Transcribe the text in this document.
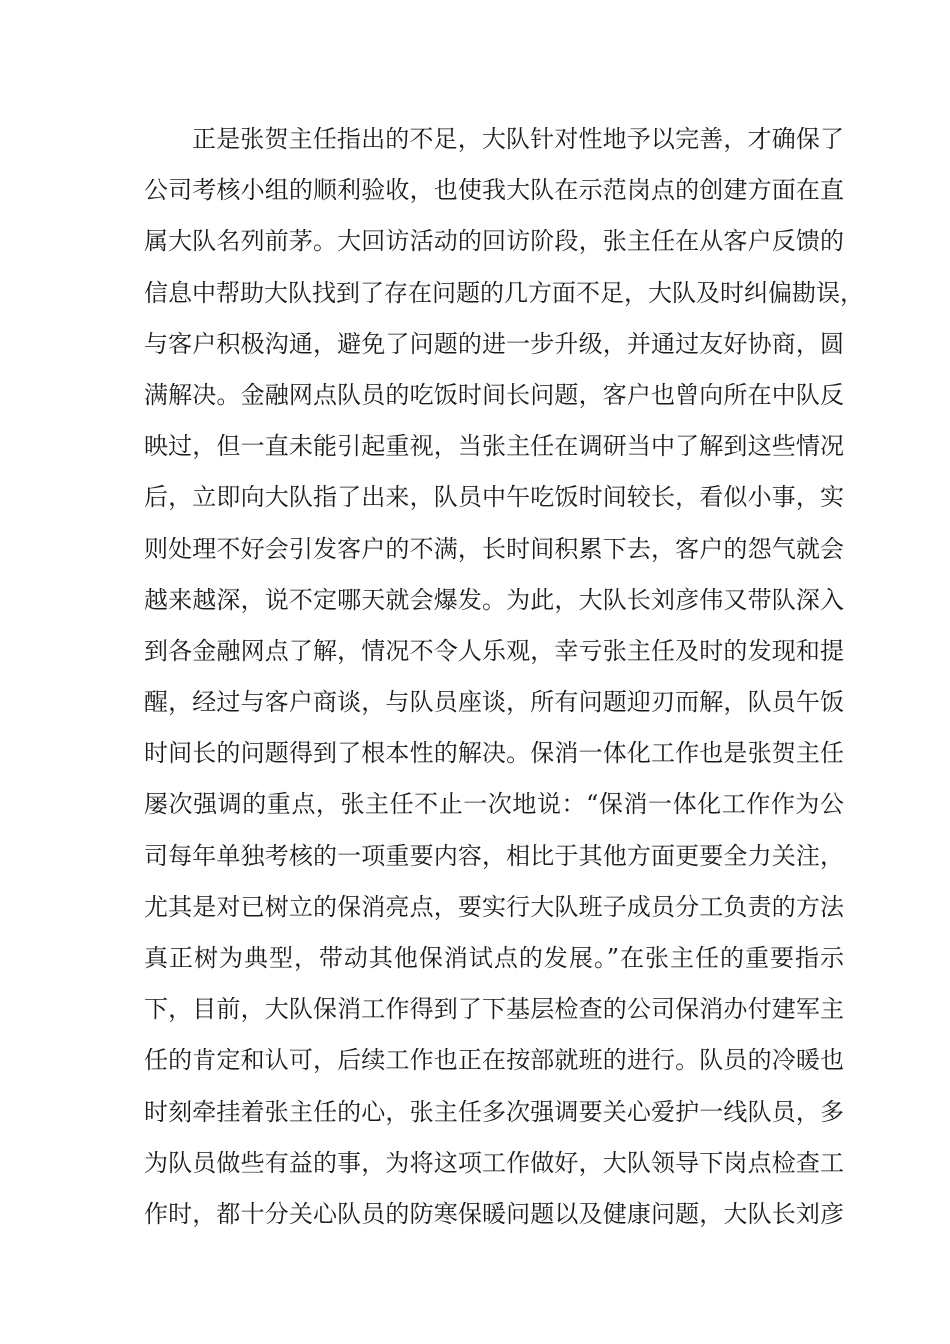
正是张贺主任指出的不足，大队针对性地予以完善，才确保了
公司考核小组的顺利验收，也使我大队在示范岗点的创建方面在直
属大队名列前茅。大回访活动的回访阶段，张主任在从客户反馈的
信息中帮助大队找到了存在问题的几方面不足，大队及时纠偏勘误，
与客户积极沟通，避免了问题的进一步升级，并通过友好协商，圆
满解决。金融网点队员的吃饭时间长问题，客户也曾向所在中队反
映过，但一直未能引起重视，当张主任在调研当中了解到这些情况
后，立即向大队指了出来，队员中午吃饭时间较长，看似小事，实
则处理不好会引发客户的不满，长时间积累下去，客户的怨气就会
越来越深，说不定哪天就会爆发。为此，大队长刘彦伟又带队深入
到各金融网点了解，情况不令人乐观，幸亏张主任及时的发现和提
醒，经过与客户商谈，与队员座谈，所有问题迎刃而解，队员午饭
时间长的问题得到了根本性的解决。保消一体化工作也是张贺主任
屡次强调的重点，张主任不止一次地说：“保消一体化工作作为公
司每年单独考核的一项重要内容，相比于其他方面更要全力关注，
尤其是对已树立的保消亮点，要实行大队班子成员分工负责的方法
真正树为典型，带动其他保消试点的发展。”在张主任的重要指示
下，目前，大队保消工作得到了下基层检查的公司保消办付建军主
任的肯定和认可，后续工作也正在按部就班的进行。队员的冷暖也
时刻牵挂着张主任的心，张主任多次强调要关心爱护一线队员，多
为队员做些有益的事，为将这项工作做好，大队领导下岗点检查工
作时，都十分关心队员的防寒保暖问题以及健康问题，大队长刘彦
